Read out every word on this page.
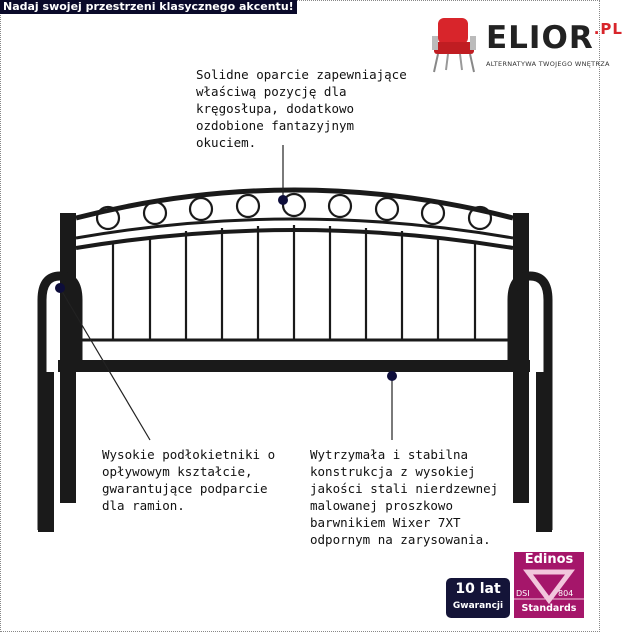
Nadaj swojej przestrzeni klasycznego akcentu!
$ELIOR^{.PL}$
ALTERNATYWA TWOJEGO WNĘTRZA
Solidne oparcie zapewniające
właściwą pozycję dla
kręgosłupa, dodatkowo
ozdobione fantazyjnym
okuciem.
Wysokie podłokietniki o
opływowym kształcie,
gwarantujące podparcie
dla ramion.
Wytrzymała i stabilna
konstrukcja z wysokiej
jakości stali nierdzewnej
malowanej proszkowo
barwnikiem Wixer 7XT
odpornym na zarysowania.
10 lat
Gwarancji
Edinos
DSI	804
Standards
